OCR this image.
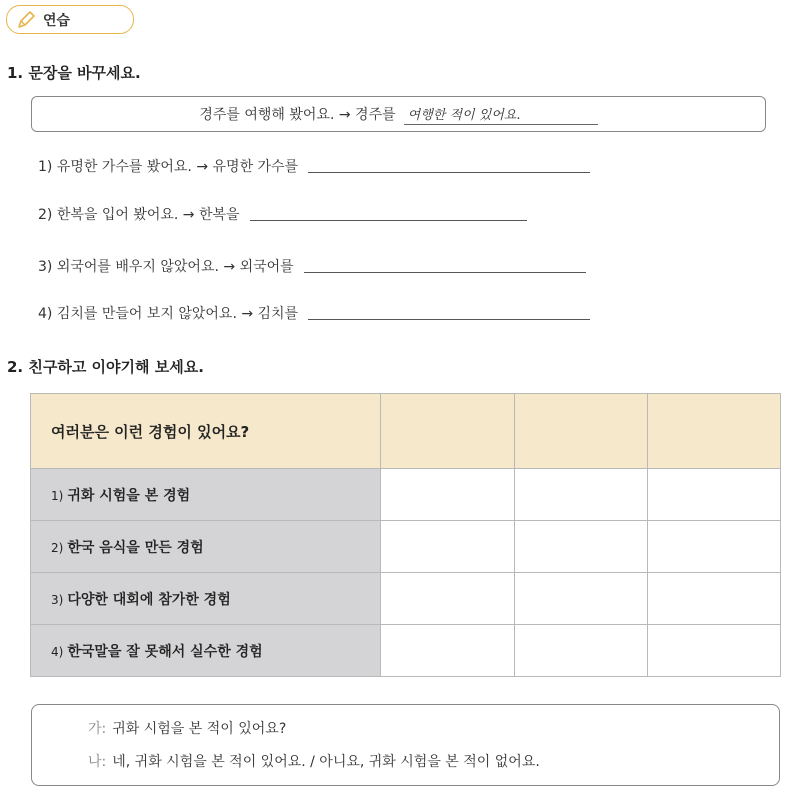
연습
1. 문장을 바꾸세요.
경주를 여행해 봤어요. → 경주를 여행한 적이 있어요.
1) 유명한 가수를 봤어요. → 유명한 가수를
2) 한복을 입어 봤어요. → 한복을
3) 외국어를 배우지 않았어요. → 외국어를
4) 김치를 만들어 보지 않았어요. → 김치를
2. 친구하고 이야기해 보세요.
여러분은 이런 경험이 있어요?			
1) 귀화 시험을 본 경험			
2) 한국 음식을 만든 경험			
3) 다양한 대회에 참가한 경험			
4) 한국말을 잘 못해서 실수한 경험			
가: 귀화 시험을 본 적이 있어요?
나: 네, 귀화 시험을 본 적이 있어요. / 아니요, 귀화 시험을 본 적이 없어요.
